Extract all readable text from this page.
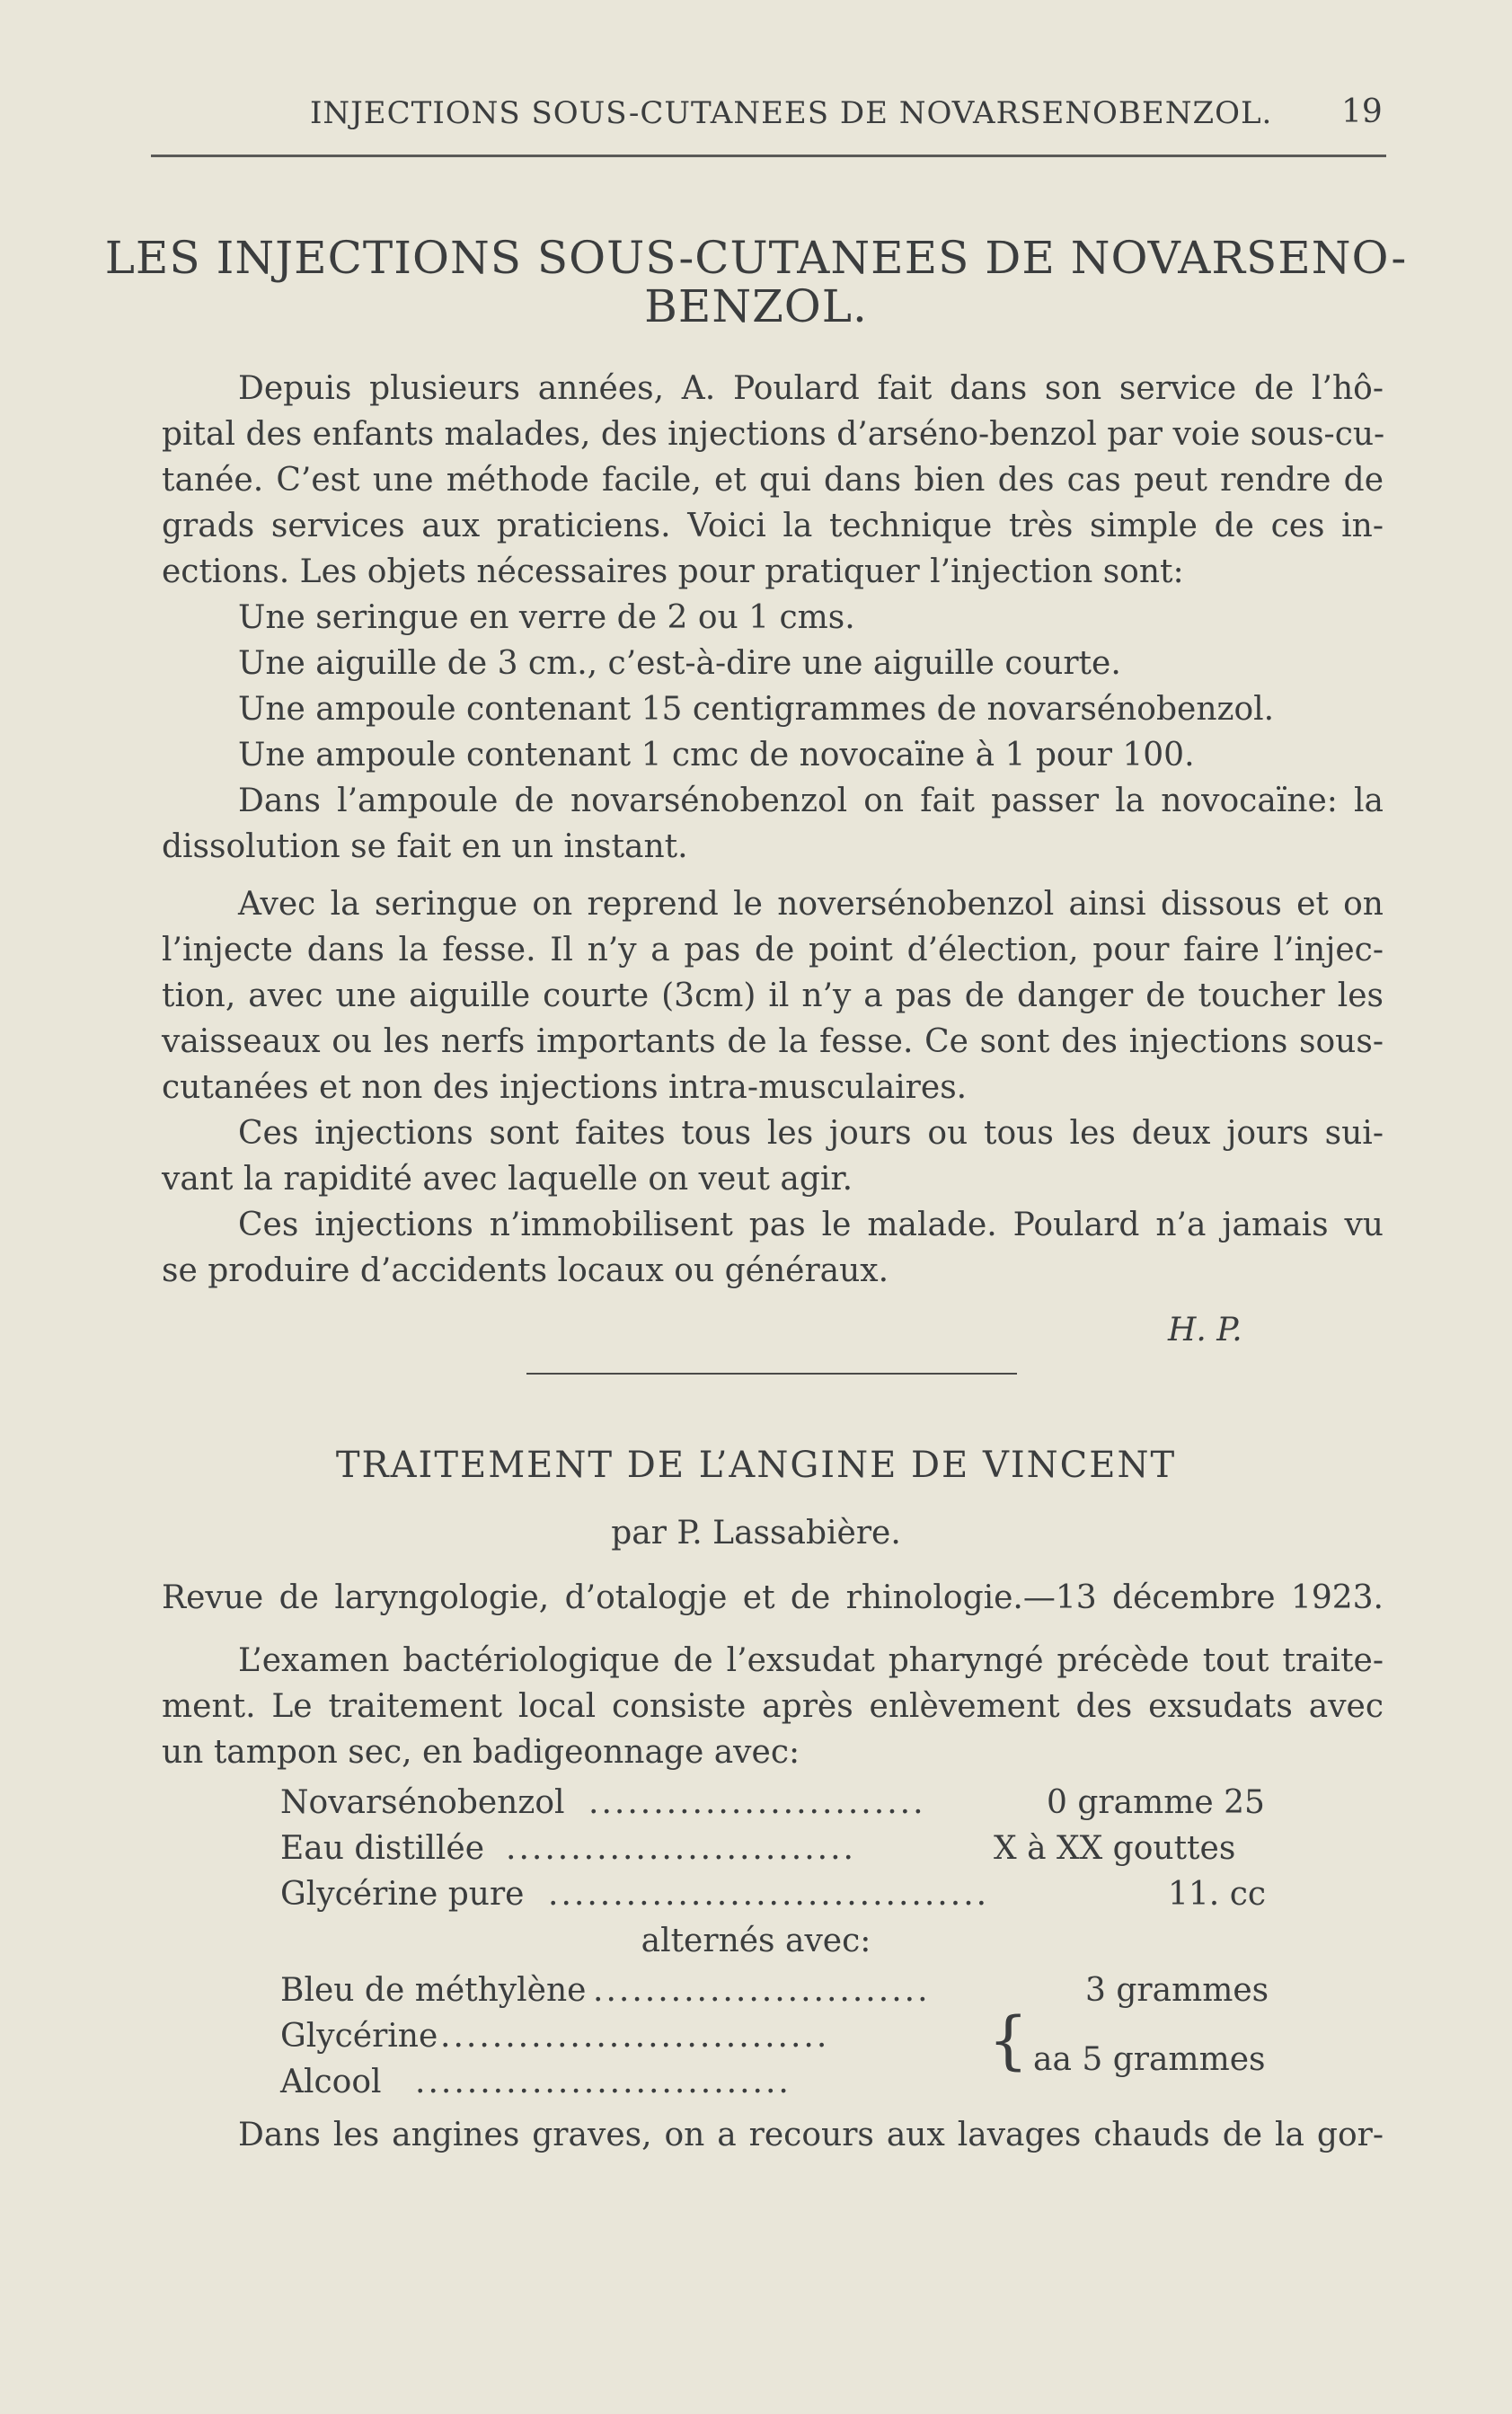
INJECTIONS SOUS-CUTANEES DE NOVARSENOBENZOL. 19
LES INJECTIONS SOUS-CUTANEES DE NOVARSENO-
BENZOL.
Depuis plusieurs années, A. Poulard fait dans son service de l’hô-
pital des enfants malades, des injections d’arséno-benzol par voie sous-cu-
tanée. C’est une méthode facile, et qui dans bien des cas peut rendre de
grads services aux praticiens. Voici la technique très simple de ces in-
ections. Les objets nécessaires pour pratiquer l’injection sont:
Une seringue en verre de 2 ou 1 cms.
Une aiguille de 3 cm., c’est-à-dire une aiguille courte.
Une ampoule contenant 15 centigrammes de novarsénobenzol.
Une ampoule contenant 1 cmc de novocaïne à 1 pour 100.
Dans l’ampoule de novarsénobenzol on fait passer la novocaïne: la
dissolution se fait en un instant.
Avec la seringue on reprend le noversénobenzol ainsi dissous et on
l’injecte dans la fesse. Il n’y a pas de point d’élection, pour faire l’injec-
tion, avec une aiguille courte (3cm) il n’y a pas de danger de toucher les
vaisseaux ou les nerfs importants de la fesse. Ce sont des injections sous-
cutanées et non des injections intra-musculaires.
Ces injections sont faites tous les jours ou tous les deux jours sui-
vant la rapidité avec laquelle on veut agir.
Ces injections n’immobilisent pas le malade. Poulard n’a jamais vu
se produire d’accidents locaux ou généraux.
H. P.
TRAITEMENT DE L’ANGINE DE VINCENT
par P. Lassabière.
Revue de laryngologie, d’otalogje et de rhinologie.—13 décembre 1923.
L’examen bactériologique de l’exsudat pharyngé précède tout traite-
ment. Le traitement local consiste après enlèvement des exsudats avec
un tampon sec, en badigeonnage avec:
Novarsénobenzol ..........................	0 gramme 25
Eau distillée ...........................	X à XX gouttes
Glycérine pure ..................................	11. cc
alternés avec:
Bleu de méthylène ..........................	3 grammes
Glycérine ..............................
Alcool .............................
{ aa 5 grammes
Dans les angines graves, on a recours aux lavages chauds de la gor-
